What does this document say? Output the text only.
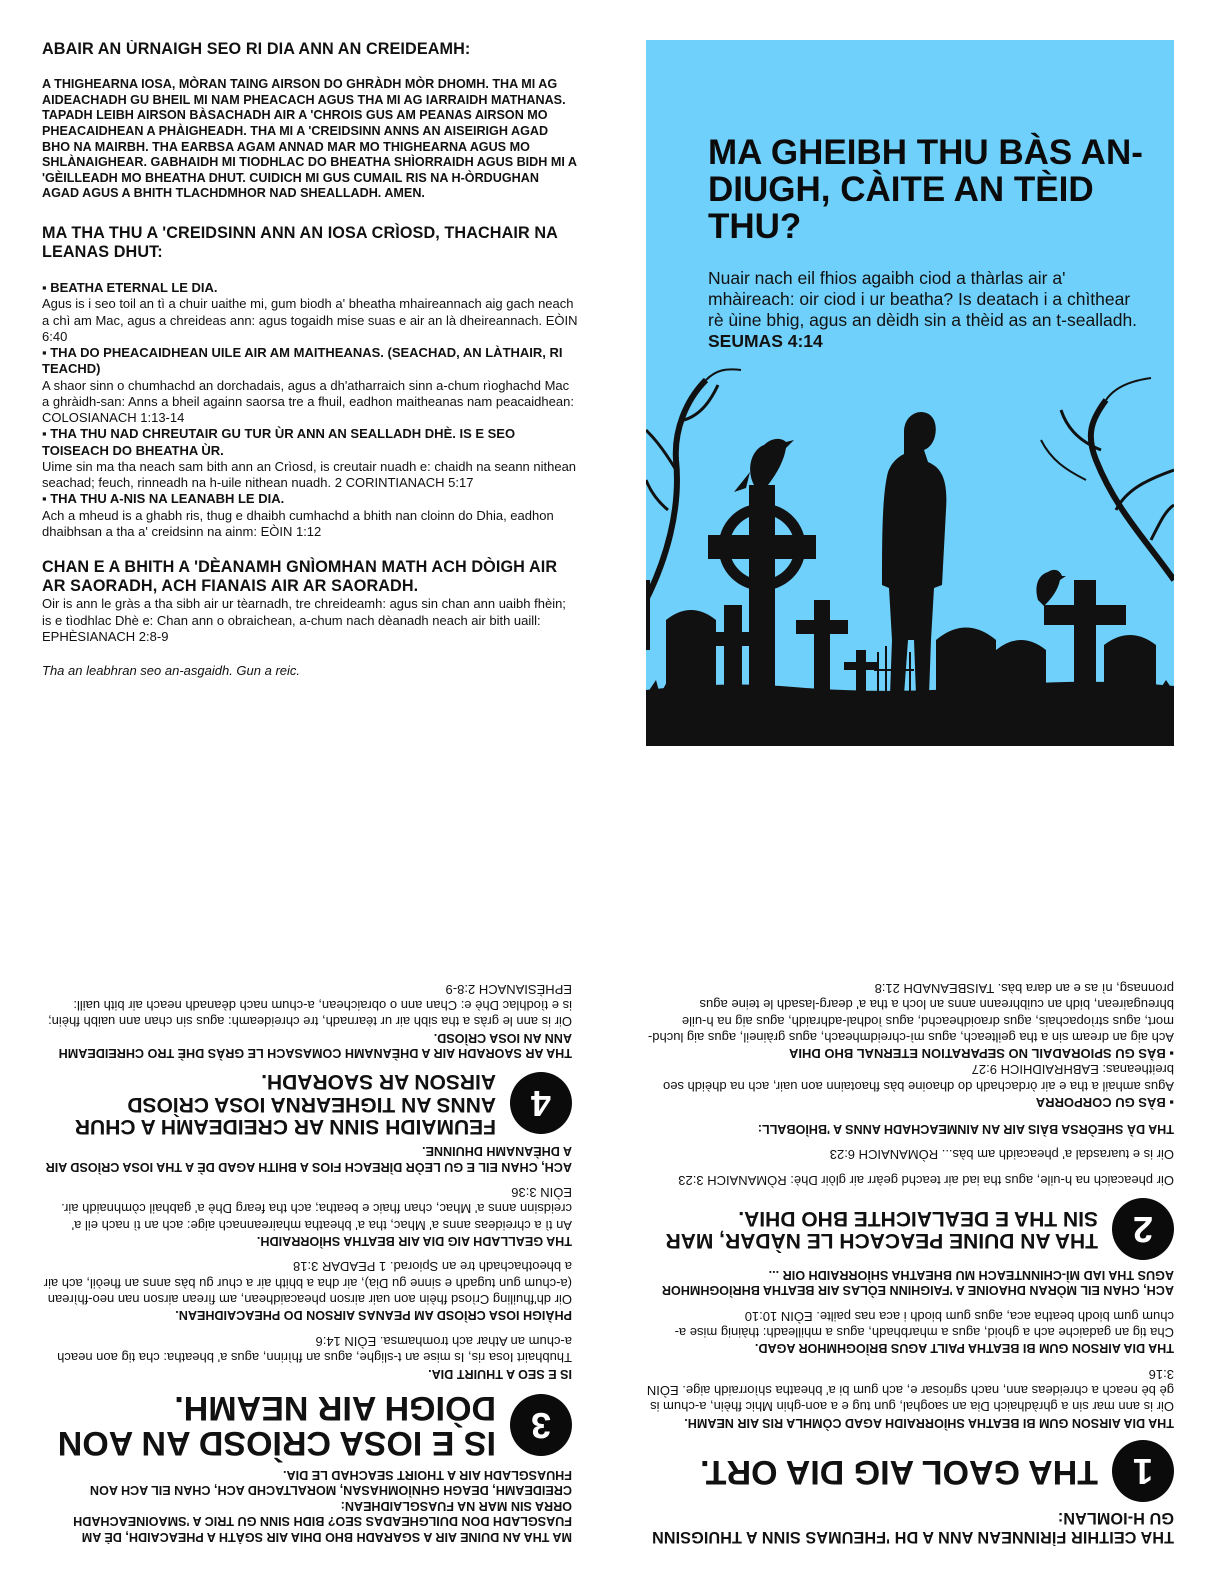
ABAIR AN ÙRNAIGH SEO RI DIA ANN AN CREIDEAMH:
A THIGHEARNA IOSA, MÒRAN TAING AIRSON DO GHRÀDH MÒR DHOMH. THA MI AG AIDEACHADH GU BHEIL MI NAM PHEACACH AGUS THA MI AG IARRAIDH MATHANAS. TAPADH LEIBH AIRSON BÀSACHADH AIR A 'CHROIS GUS AM PEANAS AIRSON MO PHEACAIDHEAN A PHÀIGHEADH. THA MI A 'CREIDSINN ANNS AN AISEIRIGH AGAD BHO NA MAIRBH. THA EARBSA AGAM ANNAD MAR MO THIGHEARNA AGUS MO SHLÀNAIGHEAR. GABHAIDH MI TIODHLAC DO BHEATHA SHÌORRAIDH AGUS BIDH MI A 'GÈILLEADH MO BHEATHA DHUT. CUIDICH MI GUS CUMAIL RIS NA H-ÒRDUGHAN AGAD AGUS A BHITH TLACHDMHOR NAD SHEALLADH. AMEN.
MA THA THU A 'CREIDSINN ANN AN IOSA CRÌOSD, THACHAIR NA LEANAS DHUT:
▪ BEATHA ETERNAL LE DIA.
Agus is i seo toil an tì a chuir uaithe mi, gum biodh a' bheatha mhaireannach aig gach neach a chì am Mac, agus a chreideas ann: agus togaidh mise suas e air an là dheireannach. EÒIN 6:40
▪ THA DO PHEACAIDHEAN UILE AIR AM MAITHEANAS. (SEACHAD, AN LÀTHAIR, RI TEACHD)
A shaor sinn o chumhachd an dorchadais, agus a dh'atharraich sinn a-chum rìoghachd Mac a ghràidh-san: Anns a bheil againn saorsa tre a fhuil, eadhon maitheanas nam peacaidhean: COLOSIANACH 1:13-14
▪ THA THU NAD CHREUTAIR GU TUR ÙR ANN AN SEALLADH DHÈ. IS E SEO TOISEACH DO BHEATHA ÙR.
Uime sin ma tha neach sam bith ann an Crìosd, is creutair nuadh e: chaidh na seann nithean seachad; feuch, rinneadh na h-uile nithean nuadh. 2 CORINTIANACH 5:17
▪ THA THU A-NIS NA LEANABH LE DIA.
Ach a mheud is a ghabh ris, thug e dhaibh cumhachd a bhith nan cloinn do Dhia, eadhon dhaibhsan a tha a' creidsinn na ainm: EÒIN 1:12
CHAN E A BHITH A 'DÈANAMH GNÌOMHAN MATH ACH DÒIGH AIR AR SAORADH, ACH FIANAIS AIR AR SAORADH.
Oir is ann le gràs a tha sibh air ur tèarnadh, tre chreideamh: agus sin chan ann uaibh fhèin; is e tìodhlac Dhè e: Chan ann o obraichean, a-chum nach dèanadh neach air bith uaill: EPHÈSIANACH 2:8-9
Tha an leabhran seo an-asgaidh. Gun a reic.
MA GHEIBH THU BÀS AN-DIUGH, CÀITE AN TÈID THU?
Nuair nach eil fhios agaibh ciod a thàrlas air a' mhàireach: oir ciod i ur beatha? Is deatach i a chìthear rè ùine bhig, agus an dèidh sin a thèid as an t-sealladh.
SEUMAS 4:14
MA THA AN DUINE AIR A SGARADH BHO DHIA AIR SGÀTH A PHEACAIDH, DÈ AM FUASGLADH DON DUILGHEADAS SEO? BIDH SINN GU TRIC A 'SMAOINEACHADH ORRA SIN MAR NA FUASGLAIDHEAN:
CREIDEAMH, DEAGH GHNÌOMHASAN, MORALTACHD ACH, CHAN EIL ACH AON FHUASGLADH AIR A THOIRT SEACHAD LE DIA.
3
IS E IOSA CRÌOSD AN AON DÒIGH AIR NEAMH.
IS E SEO A THUIRT DIA.
Thubhairt Iosa ris, Is mise an t-slighe, agus an fhìrinn, agus a' bheatha: cha tig aon neach a-chum an Athar ach tromhamsa. EÒIN 14:6
PHÀIGH IOSA CRÌOSD AM PEANAS AIRSON DO PHEACAIDHEAN.
Oir dh'fhuiling Crìosd fhèin aon uair airson pheacaidhean, am fìrean airson nan neo-fhìrean (a-chum gun tugadh e sinne gu Dia), air dha a bhith air a chur gu bàs anns an fheòil, ach air a bheothachadh tre an Spiorad. 1 PEADAR 3:18
THA GEALLADH AIG DIA AIR BEATHA SHÌORRAIDH.
An tì a chreideas anns a' Mhac, tha a' bheatha mhaireannach aige: ach an tì nach eil a' creidsinn anns a' Mhac, chan fhaic e beatha; ach tha fearg Dhè a' gabhail còmhnaidh air. EÒIN 3:36
ACH, CHAN EIL E GU LEÒR DÌREACH FIOS A BHITH AGAD DÈ A THA IOSA CRÌOSD AIR A DHÈANAMH DHUINNE.
4
FEUMAIDH SINN AR CREIDEAMH A CHUR ANNS AN TIGHEARNA IOSA CRÌOSD AIRSON AR SAORADH.
THA AR SAORADH AIR A DHÈANAMH COMASACH LE GRÀS DHÈ TRO CHREIDEAMH ANN AN IOSA CRÌOSD.
Oir is ann le gràs a tha sibh air ur tèarnadh, tre chreideamh: agus sin chan ann uaibh fhèin; is e tìodhlac Dhè e: Chan ann o obraichean, a-chum nach dèanadh neach air bith uaill: EPHÈSIANACH 2:8-9
THA CEITHIR FÌRINNEAN ANN A DH 'FHEUMAS SINN A THUIGSINN GU H-IOMLAN:
1
THA GAOL AIG DIA ORT.
THA DIA AIRSON GUM BI BEATHA SHÌORRAIDH AGAD CÒMHLA RIS AIR NEAMH.
Oir is ann mar sin a ghràdhaich Dia an saoghal, gun tug e a aon-ghin Mhic fhèin, a-chum is gè bè neach a chreideas ann, nach sgriosar e, ach gum bi a' bheatha shìorraidh aige. EÒIN 3:16
THA DIA AIRSON GUM BI BEATHA PAILT AGUS BRÌOGHMHOR AGAD.
Cha tig an gadaiche ach a ghoid, agus a mharbhadh, agus a mhilleadh: thàinig mise a-chum gum biodh beatha aca, agus gum biodh i aca nas pailte. EÒIN 10:10
ACH, CHAN EIL MÒRAN DHAOINE A 'FAIGHINN EÒLAS AIR BEATHA BHRÌOGHMHOR AGUS THA IAD MÌ-CHINNTEACH MU BHEATHA SHÌORRAIDH OIR ...
2
THA AN DUINE PEACACH LE NÀDAR, MAR SIN THA E DEALAICHTE BHO DHIA.
Oir pheacaich na h-uile, agus tha iad air teachd geàrr air glòir Dhè: RÒMANAICH 3:23
Oir is e tuarasdal a' pheacaidh am bàs... RÒMANAICH 6:23
THA DÀ SHEÒRSA BÀIS AIR AN AINMEACHADH ANNS A 'BHÌOBALL:
▪ BÀS GU CORPORRA
Agus amhail a tha e air òrdachadh do dhaoine bàs fhaotainn aon uair, ach na dhèidh seo breitheanas: EABHRAIDHICH 9:27
▪ BÀS GU SPIORADAIL NO SEPARATION ETERNAL BHO DHIA
Ach aig an dream sin a tha geilteach, agus mì-chreidmheach, agus gràineil, agus aig luchd-mort, agus strìopachais, agus draoidheachd, agus ìodhal-adhraidh, agus aig na h-uile bhreugairean, bidh an cuibhreann anns an loch a tha a' dearg-lasadh le teine agus pronnasg, nì as e an dara bàs. TAISBEANADH 21:8
